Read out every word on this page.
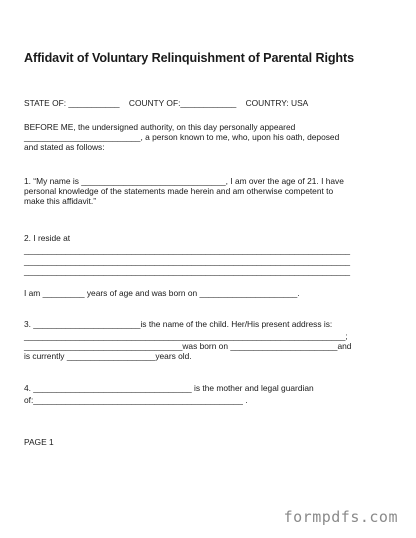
Affidavit of Voluntary Relinquishment of Parental Rights
STATE OF: ___________    COUNTY OF:____________    COUNTRY: USA
BEFORE ME, the undersigned authority, on this day personally appeared
_________________________, a person known to me, who, upon his oath, deposed
and stated as follows:
1. “My name is _______________________________, I am over the age of 21. I have
personal knowledge of the statements made herein and am otherwise competent to
make this affidavit.”
2. I reside at
______________________________________________________________________
______________________________________________________________________
______________________________________________________________________
I am _________ years of age and was born on _____________________.
3. _______________________is the name of the child. Her/His present address is:
_____________________________________________________________________;
__________________________________was born on _______________________and
is currently ___________________years old.
4. __________________________________ is the mother and legal guardian
of:_____________________________________________ .
PAGE 1
formpdfs.com
